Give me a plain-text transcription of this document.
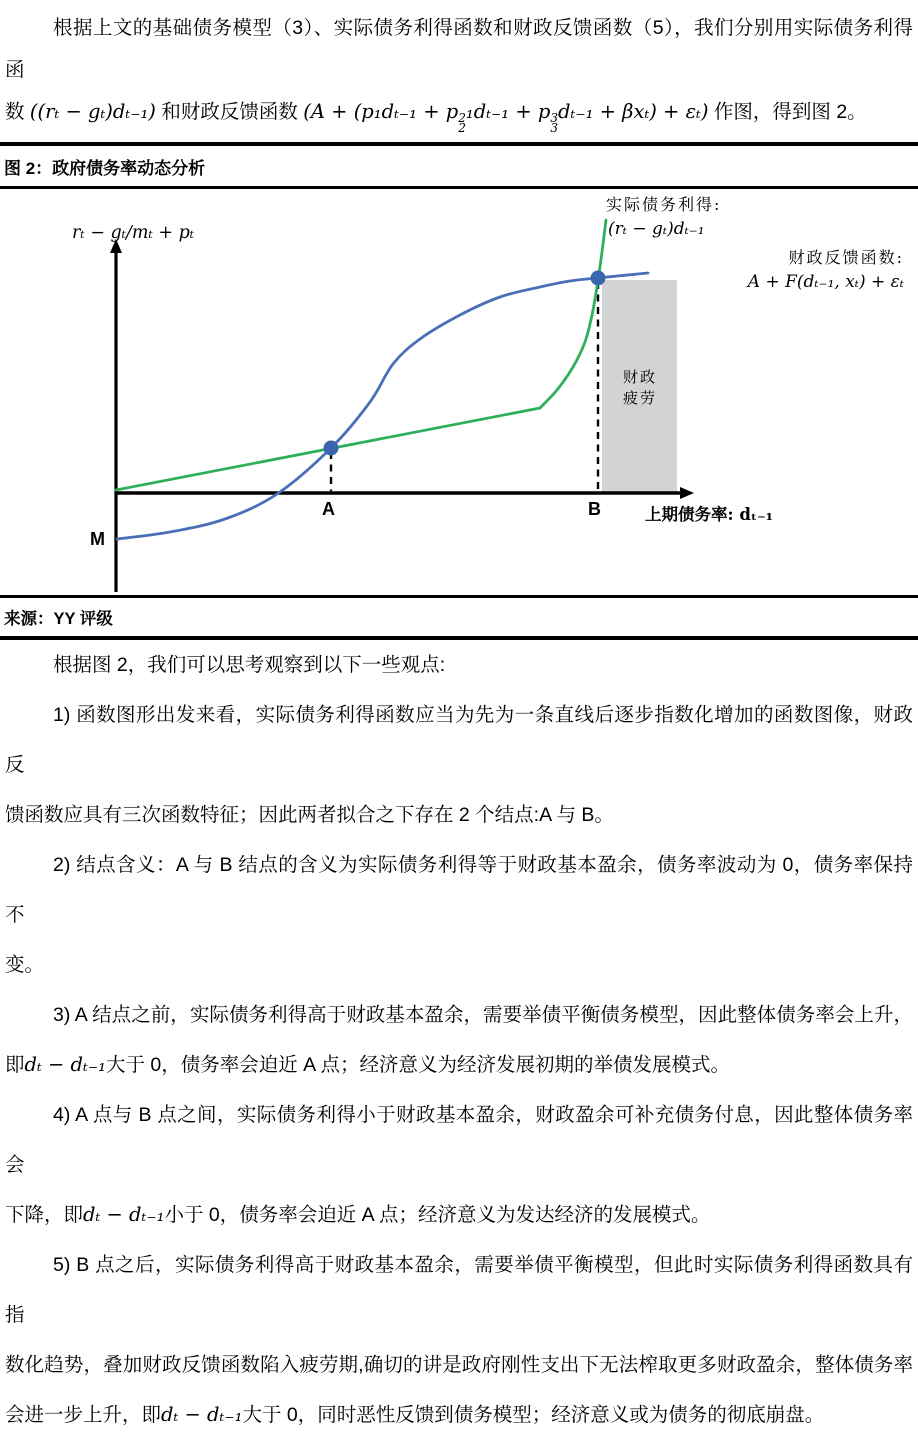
根据上文的基础债务模型（3）、实际债务利得函数和财政反馈函数（5），我们分别用实际债务利得函
数 ((rₜ − gₜ)dₜ₋₁) 和财政反馈函数 (A + (p₁dₜ₋₁ + p 2
2
₁dₜ₋₁ + p 3
3
dₜ₋₁ + βxₜ) + εₜ) 作图，得到图 2。
图 2：政府债务率动态分析
rₜ − gₜ/mₜ + pₜ
实际债务利得:
(rₜ − gₜ)dₜ₋₁
财政反馈函数:
A + F(dₜ₋₁, xₜ) + εₜ
财政
疲劳
A	B	上期债务率: dₜ₋₁
M
来源：YY 评级
根据图 2，我们可以思考观察到以下一些观点:
1) 函数图形出发来看，实际债务利得函数应当为先为一条直线后逐步指数化增加的函数图像，财政反
馈函数应具有三次函数特征；因此两者拟合之下存在 2 个结点:A 与 B。
2) 结点含义：A 与 B 结点的含义为实际债务利得等于财政基本盈余，债务率波动为 0，债务率保持不
变。
3) A 结点之前，实际债务利得高于财政基本盈余，需要举债平衡债务模型，因此整体债务率会上升，
即dₜ − dₜ₋₁大于 0，债务率会迫近 A 点；经济意义为经济发展初期的举债发展模式。
4) A 点与 B 点之间，实际债务利得小于财政基本盈余，财政盈余可补充债务付息，因此整体债务率会
下降，即dₜ − dₜ₋₁小于 0，债务率会迫近 A 点；经济意义为发达经济的发展模式。
5) B 点之后，实际债务利得高于财政基本盈余，需要举债平衡模型，但此时实际债务利得函数具有指
数化趋势，叠加财政反馈函数陷入疲劳期,确切的讲是政府刚性支出下无法榨取更多财政盈余，整体债务率
会进一步上升，即dₜ − dₜ₋₁大于 0，同时恶性反馈到债务模型；经济意义或为债务的彻底崩盘。
